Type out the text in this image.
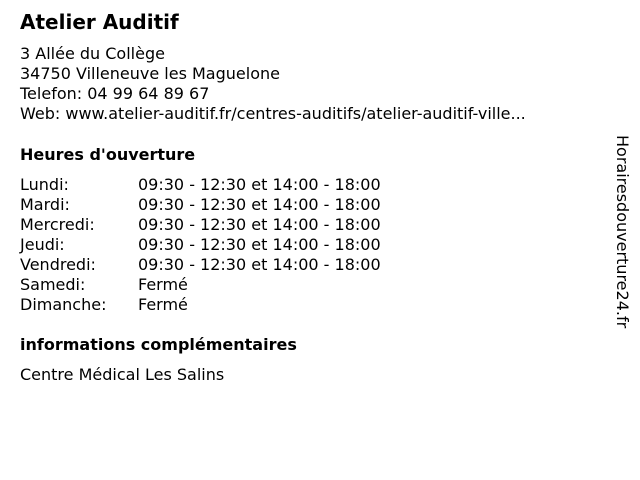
Atelier Auditif
3 Allée du Collège
34750 Villeneuve les Maguelone
Telefon: 04 99 64 89 67
Web: www.atelier-auditif.fr/centres-auditifs/atelier-auditif-ville...
Heures d'ouverture
Lundi:	09:30 - 12:30 et 14:00 - 18:00
Mardi:	09:30 - 12:30 et 14:00 - 18:00
Mercredi:	09:30 - 12:30 et 14:00 - 18:00
Jeudi:	09:30 - 12:30 et 14:00 - 18:00
Vendredi:	09:30 - 12:30 et 14:00 - 18:00
Samedi:	Fermé
Dimanche:	Fermé
informations complémentaires
Centre Médical Les Salins
Horairesdouverture24.fr
